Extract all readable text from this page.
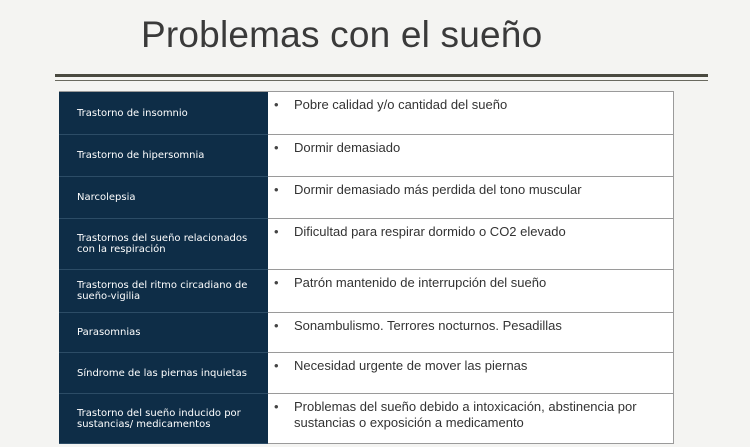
Problemas con el sueño
Trastorno de insomnio
•	Pobre calidad y/o cantidad del sueño
Trastorno de hipersomnia
•	Dormir demasiado
Narcolepsia
•	Dormir demasiado más perdida del tono muscular
Trastornos del sueño relacionados con la respiración
•	Dificultad para respirar dormido o CO2 elevado
Trastornos del ritmo circadiano de sueño-vigilia
•	Patrón mantenido de interrupción del sueño
Parasomnias	•	Sonambulismo. Terrores nocturnos. Pesadillas
Síndrome de las piernas inquietas •	Necesidad urgente de mover las piernas
Trastorno del sueño inducido por sustancias/ medicamentos
•	Problemas del sueño debido a intoxicación, abstinencia por sustancias o exposición a medicamento
